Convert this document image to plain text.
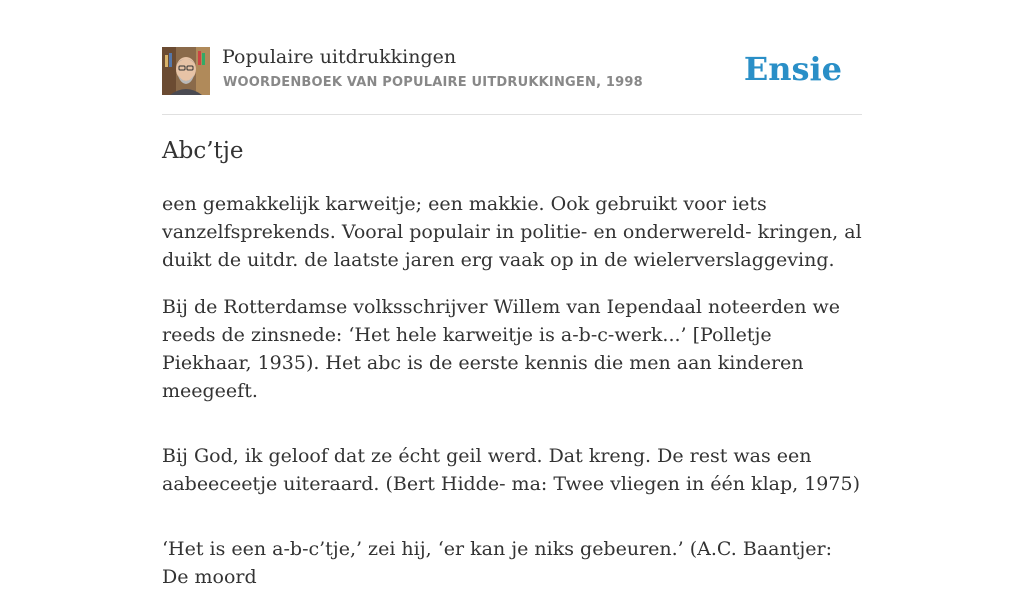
Populaire uitdrukkingen
WOORDENBOEK VAN POPULAIRE UITDRUKKINGEN, 1998	Ensie
Abc’tje

een gemakkelijk karweitje; een makkie. Ook gebruikt voor iets vanzelfsprekends. Vooral populair in politie- en onderwereld- kringen, al duikt de uitdr. de laatste jaren erg vaak op in de wielerverslaggeving.

Bij de Rotterdamse volksschrijver Willem van Iependaal noteerden we reeds de zinsnede: ‘Het hele karweitje is a-b-c-werk...’ [Polletje Piekhaar, 1935). Het abc is de eerste kennis die men aan kinderen meegeeft.

Bij God, ik geloof dat ze écht geil werd. Dat kreng. De rest was een aabeeceetje uiteraard. (Bert Hidde- ma: Twee vliegen in één klap, 1975)

‘Het is een a-b-c’tje,’ zei hij, ‘er kan je niks gebeuren.’ (A.C. Baantjer: De moord
